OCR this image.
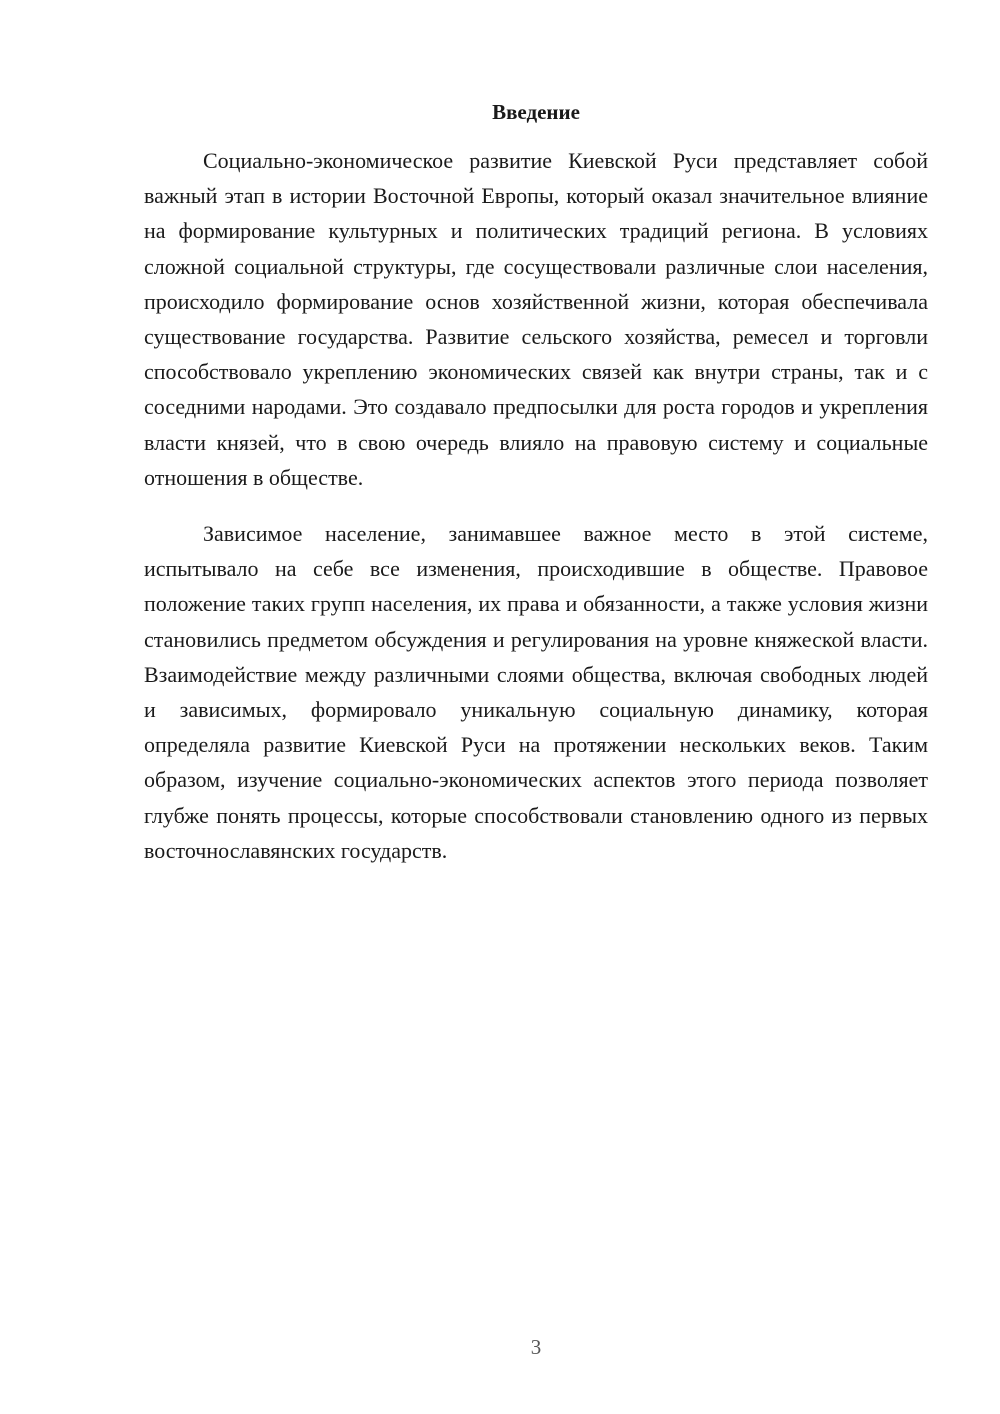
Введение

Социально-экономическое развитие Киевской Руси представляет собой важный этап в истории Восточной Европы, который оказал значительное влияние на формирование культурных и политических традиций региона. В условиях сложной социальной структуры, где сосуществовали различные слои населения, происходило формирование основ хозяйственной жизни, которая обеспечивала существование государства. Развитие сельского хозяйства, ремесел и торговли способствовало укреплению экономических связей как внутри страны, так и с соседними народами. Это создавало предпосылки для роста городов и укрепления власти князей, что в свою очередь влияло на правовую систему и социальные отношения в обществе.

Зависимое население, занимавшее важное место в этой системе, испытывало на себе все изменения, происходившие в обществе. Правовое положение таких групп населения, их права и обязанности, а также условия жизни становились предметом обсуждения и регулирования на уровне княжеской власти. Взаимодействие между различными слоями общества, включая свободных людей и зависимых, формировало уникальную социальную динамику, которая определяла развитие Киевской Руси на протяжении нескольких веков. Таким образом, изучение социально-экономических аспектов этого периода позволяет глубже понять процессы, которые способствовали становлению одного из первых восточнославянских государств.

3
